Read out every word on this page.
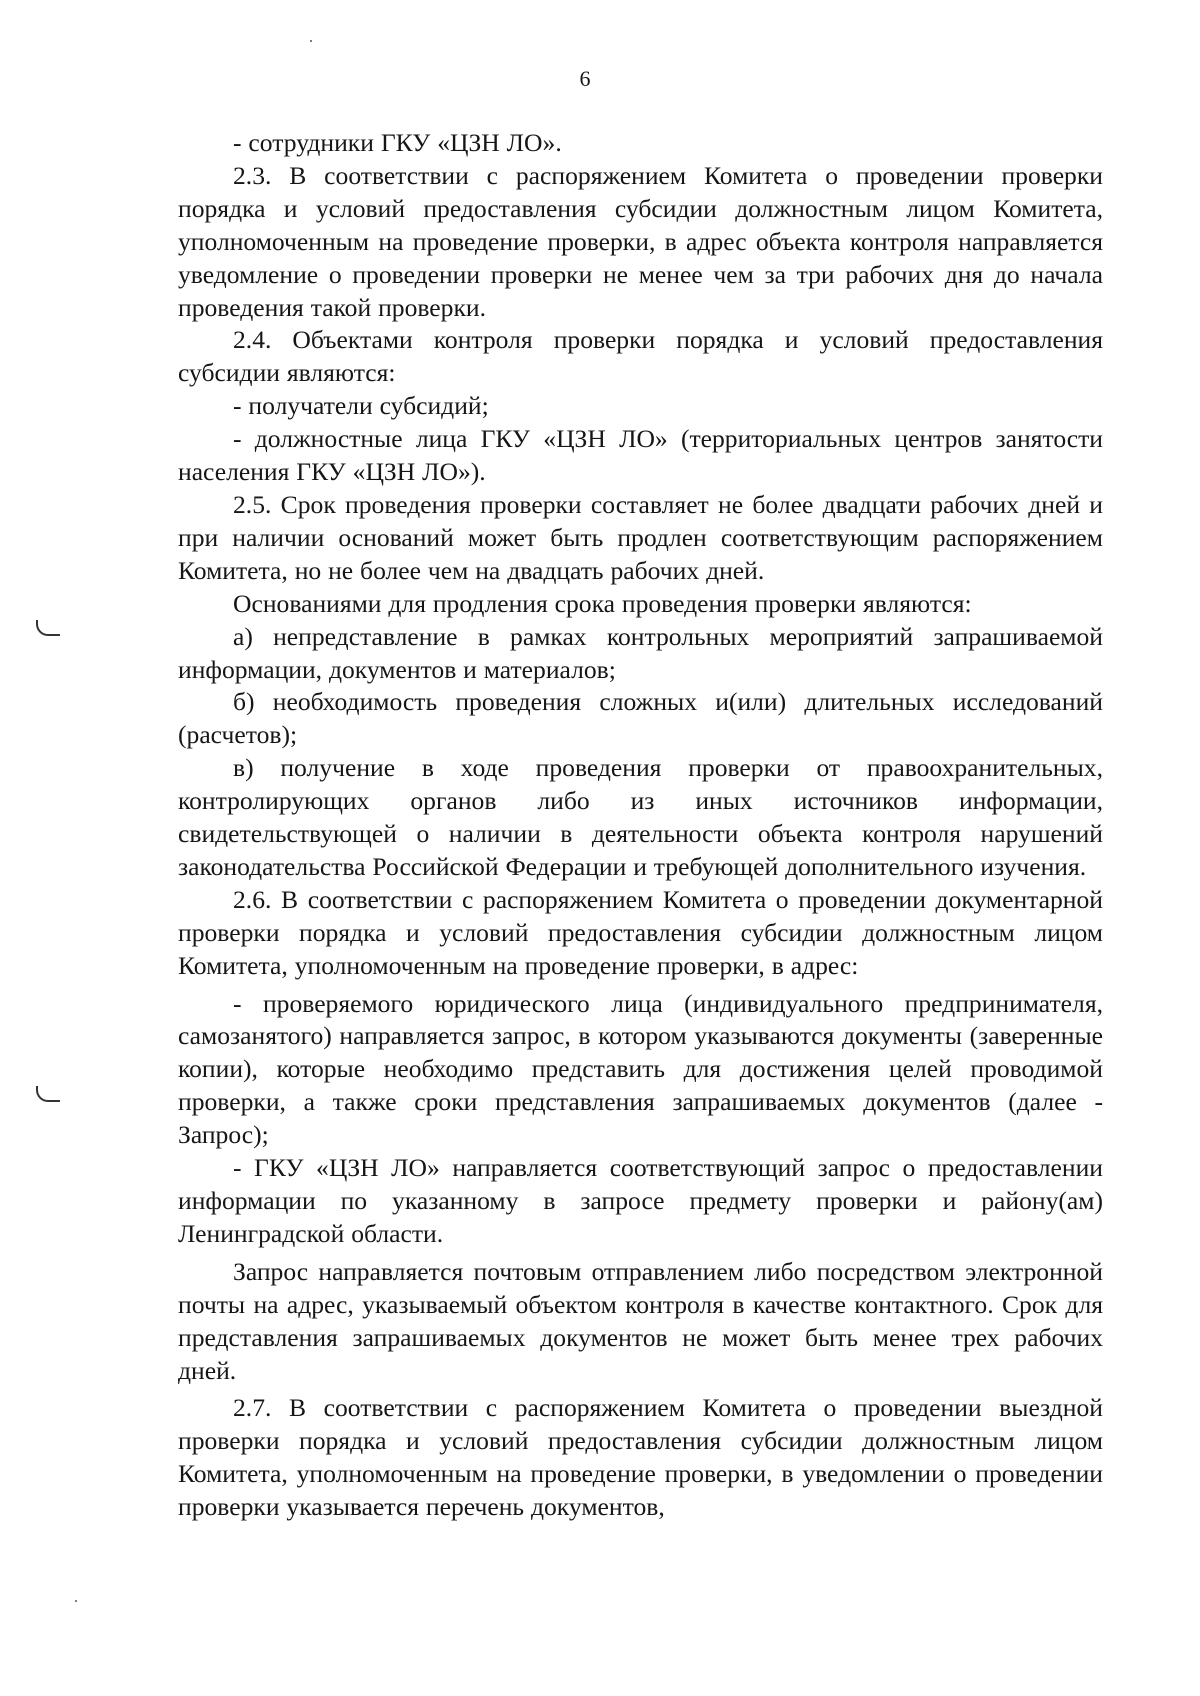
6

- сотрудники ГКУ «ЦЗН ЛО».

2.3. В соответствии с распоряжением Комитета о проведении проверки порядка и условий предоставления субсидии должностным лицом Комитета, уполномоченным на проведение проверки, в адрес объекта контроля направляется уведомление о проведении проверки не менее чем за три рабочих дня до начала проведения такой проверки.

2.4. Объектами контроля проверки порядка и условий предоставления субсидии являются:

- получатели субсидий;

- должностные лица ГКУ «ЦЗН ЛО» (территориальных центров занятости населения ГКУ «ЦЗН ЛО»).

2.5. Срок проведения проверки составляет не более двадцати рабочих дней и при наличии оснований может быть продлен соответствующим распоряжением Комитета, но не более чем на двадцать рабочих дней.

Основаниями для продления срока проведения проверки являются:

а) непредставление в рамках контрольных мероприятий запрашиваемой информации, документов и материалов;

б) необходимость проведения сложных и(или) длительных исследований (расчетов);

в) получение в ходе проведения проверки от правоохранительных, контролирующих органов либо из иных источников информации, свидетельствующей о наличии в деятельности объекта контроля нарушений законодательства Российской Федерации и требующей дополнительного изучения.

2.6. В соответствии с распоряжением Комитета о проведении документарной проверки порядка и условий предоставления субсидии должностным лицом Комитета, уполномоченным на проведение проверки, в адрес:

- проверяемого юридического лица (индивидуального предпринимателя, самозанятого) направляется запрос, в котором указываются документы (заверенные копии), которые необходимо представить для достижения целей проводимой проверки, а также сроки представления запрашиваемых документов (далее - Запрос);

- ГКУ «ЦЗН ЛО» направляется соответствующий запрос о предоставлении информации по указанному в запросе предмету проверки и району(ам) Ленинградской области.

Запрос направляется почтовым отправлением либо посредством электронной почты на адрес, указываемый объектом контроля в качестве контактного. Срок для представления запрашиваемых документов не может быть менее трех рабочих дней.

2.7. В соответствии с распоряжением Комитета о проведении выездной проверки порядка и условий предоставления субсидии должностным лицом Комитета, уполномоченным на проведение проверки, в уведомлении о проведении проверки указывается перечень документов,
